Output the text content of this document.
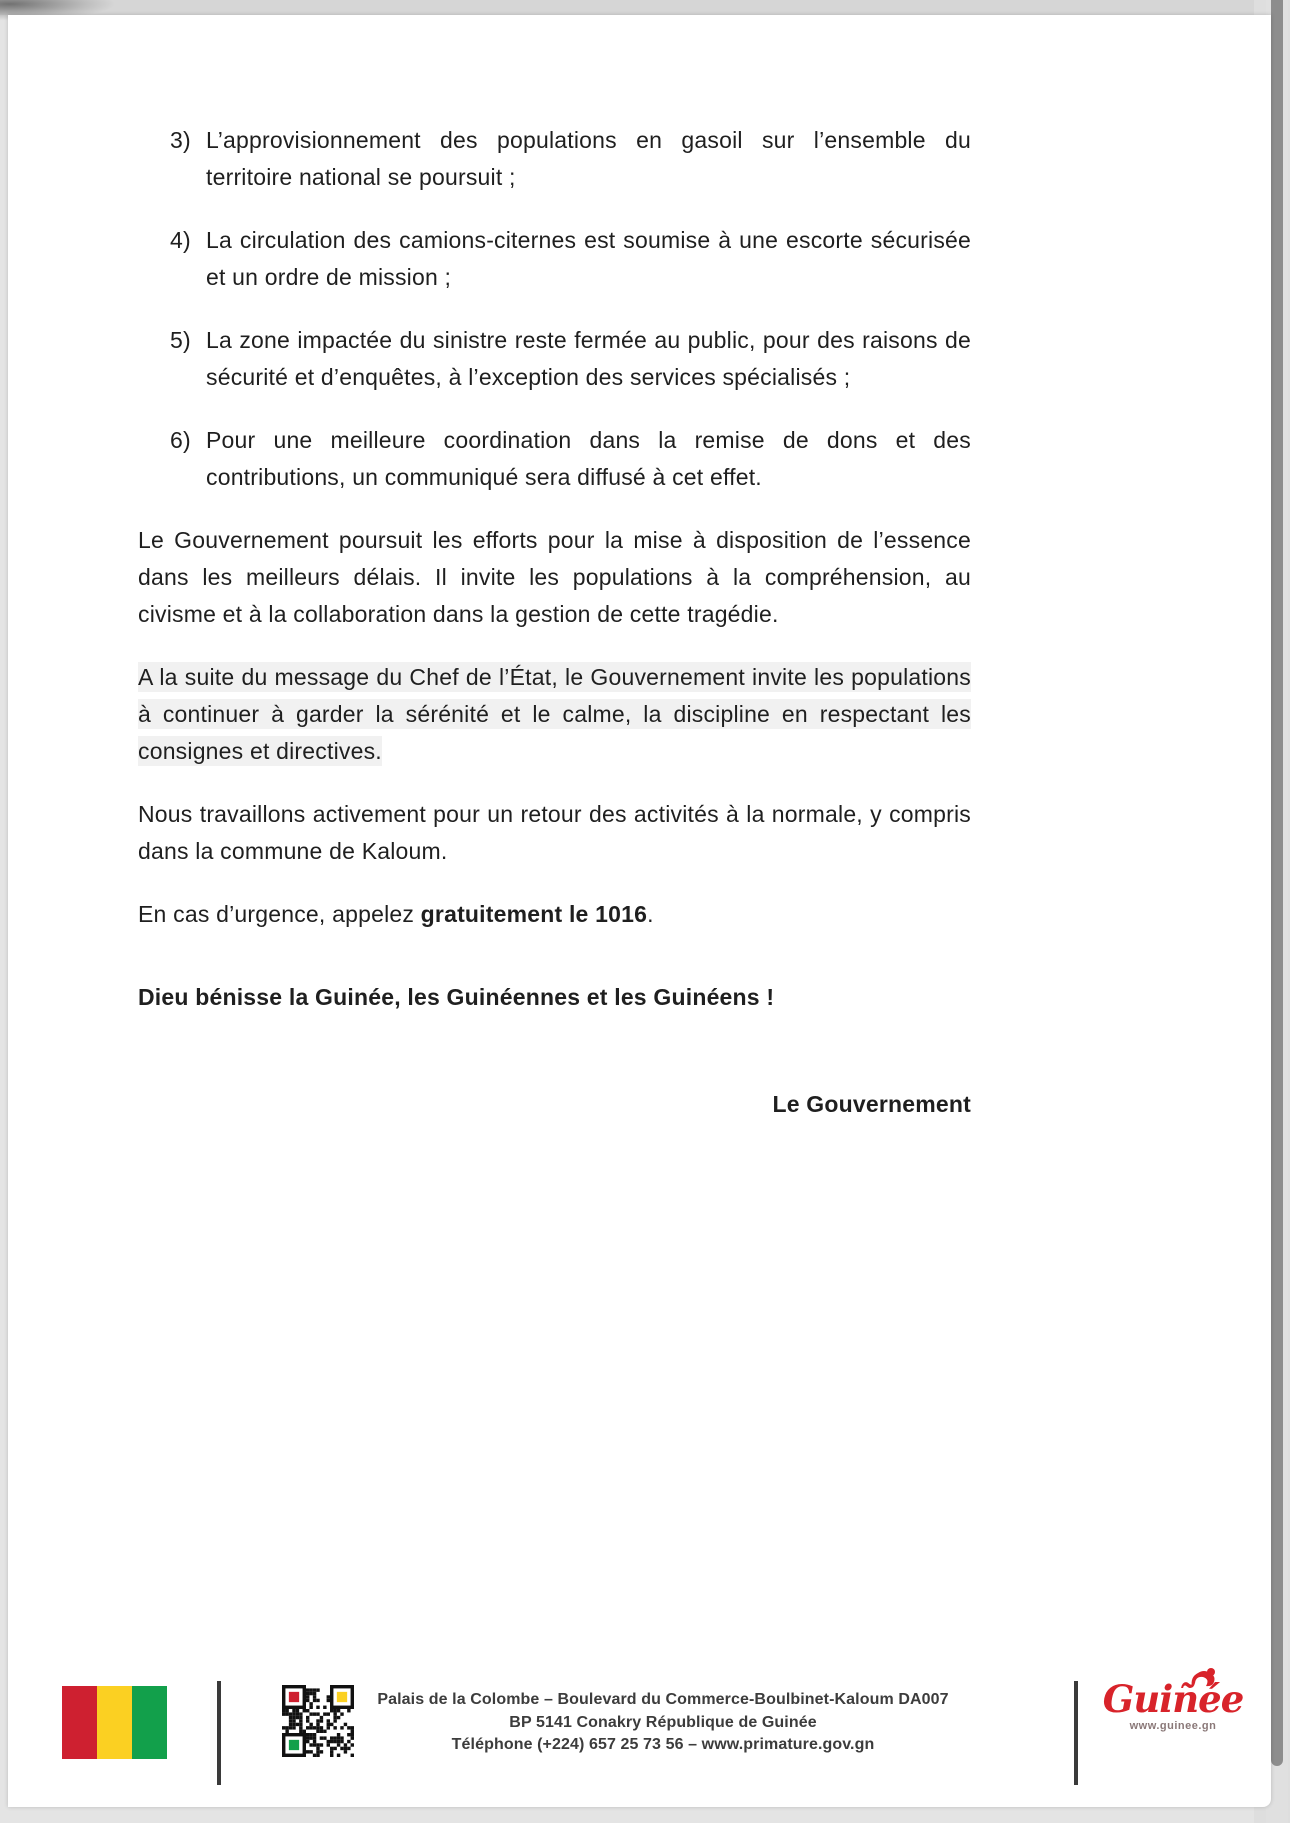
3) L’approvisionnement des populations en gasoil sur l’ensemble du territoire national se poursuit ;
4) La circulation des camions-citernes est soumise à une escorte sécurisée et un ordre de mission ;
5) La zone impactée du sinistre reste fermée au public, pour des raisons de sécurité et d’enquêtes, à l’exception des services spécialisés ;
6) Pour une meilleure coordination dans la remise de dons et des contributions, un communiqué sera diffusé à cet effet.

Le Gouvernement poursuit les efforts pour la mise à disposition de l’essence dans les meilleurs délais. Il invite les populations à la compréhension, au civisme et à la collaboration dans la gestion de cette tragédie.

A la suite du message du Chef de l’État, le Gouvernement invite les populations à continuer à garder la sérénité et le calme, la discipline en respectant les consignes et directives.

Nous travaillons activement pour un retour des activités à la normale, y compris dans la commune de Kaloum.

En cas d’urgence, appelez gratuitement le 1016.

Dieu bénisse la Guinée, les Guinéennes et les Guinéens !

Le Gouvernement

Palais de la Colombe – Boulevard du Commerce-Boulbinet-Kaloum DA007
BP 5141 Conakry République de Guinée
Téléphone (+224) 657 25 73 56 – www.primature.gov.gn
Guiñée
www.guinee.gn
